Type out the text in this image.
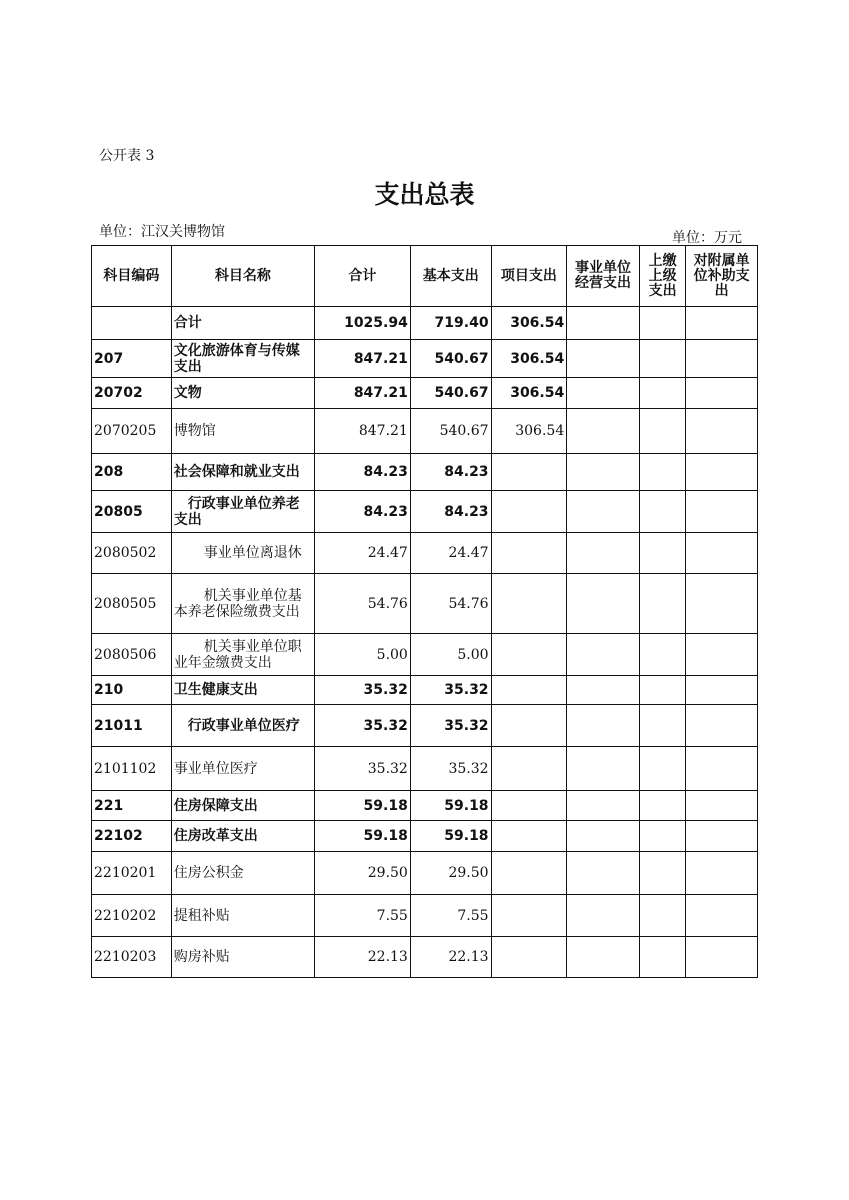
公开表 3
支出总表
单位：江汉关博物馆	单位：万元
科目编码	科目名称	合计	基本支出	项目支出	事业单位经营支出	上缴上级支出	对附属单位补助支出
	合计	1025.94	719.40	306.54			
207	文化旅游体育与传媒支出	847.21	540.67	306.54			
20702	文物	847.21	540.67	306.54			
2070205	博物馆	847.21	540.67	306.54			
208	社会保障和就业支出	84.23	84.23				
20805	行政事业单位养老支出	84.23	84.23				
2080502	事业单位离退休	24.47	24.47				
2080505	机关事业单位基本养老保险缴费支出	54.76	54.76				
2080506	机关事业单位职业年金缴费支出	5.00	5.00				
210	卫生健康支出	35.32	35.32				
21011	行政事业单位医疗	35.32	35.32				
2101102	事业单位医疗	35.32	35.32				
221	住房保障支出	59.18	59.18				
22102	住房改革支出	59.18	59.18				
2210201	住房公积金	29.50	29.50				
2210202	提租补贴	7.55	7.55				
2210203	购房补贴	22.13	22.13				
